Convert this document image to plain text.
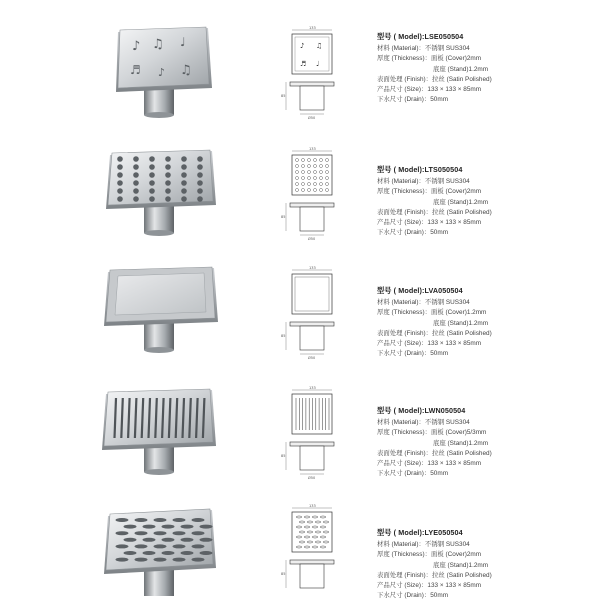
♪ ♫ ♩
♬ ♪ ♫
♪ ♫
♬ ♩
133
85
Ø50
型号 ( Model):LSE050504
材料 (Material)：不锈钢 SUS304
厚度 (Thickness)：面板 (Cover)2mm
底座 (Stand)1.2mm
表面处理 (Finish)：拉丝 (Satin Polished)
产品尺寸 (Size)：133 × 133 × 85mm
下水尺寸 (Drain)：50mm
133
85
Ø50
型号 ( Model):LTS050504
材料 (Material)：不锈钢 SUS304
厚度 (Thickness)：面板 (Cover)2mm
底座 (Stand)1.2mm
表面处理 (Finish)：拉丝 (Satin Polished)
产品尺寸 (Size)：133 × 133 × 85mm
下水尺寸 (Drain)：50mm
133
85
Ø50
型号 ( Model):LVA050504
材料 (Material)：不锈钢 SUS304
厚度 (Thickness)：面板 (Cover)1.2mm
底座 (Stand)1.2mm
表面处理 (Finish)：拉丝 (Satin Polished)
产品尺寸 (Size)：133 × 133 × 85mm
下水尺寸 (Drain)：50mm
133
85
Ø50
型号 ( Model):LWN050504
材料 (Material)：不锈钢 SUS304
厚度 (Thickness)：面板 (Cover)5/3mm
底座 (Stand)1.2mm
表面处理 (Finish)：拉丝 (Satin Polished)
产品尺寸 (Size)：133 × 133 × 85mm
下水尺寸 (Drain)：50mm
133
85
型号 ( Model):LYE050504
材料 (Material)：不锈钢 SUS304
厚度 (Thickness)：面板 (Cover)2mm
底座 (Stand)1.2mm
表面处理 (Finish)：拉丝 (Satin Polished)
产品尺寸 (Size)：133 × 133 × 85mm
下水尺寸 (Drain)：50mm
